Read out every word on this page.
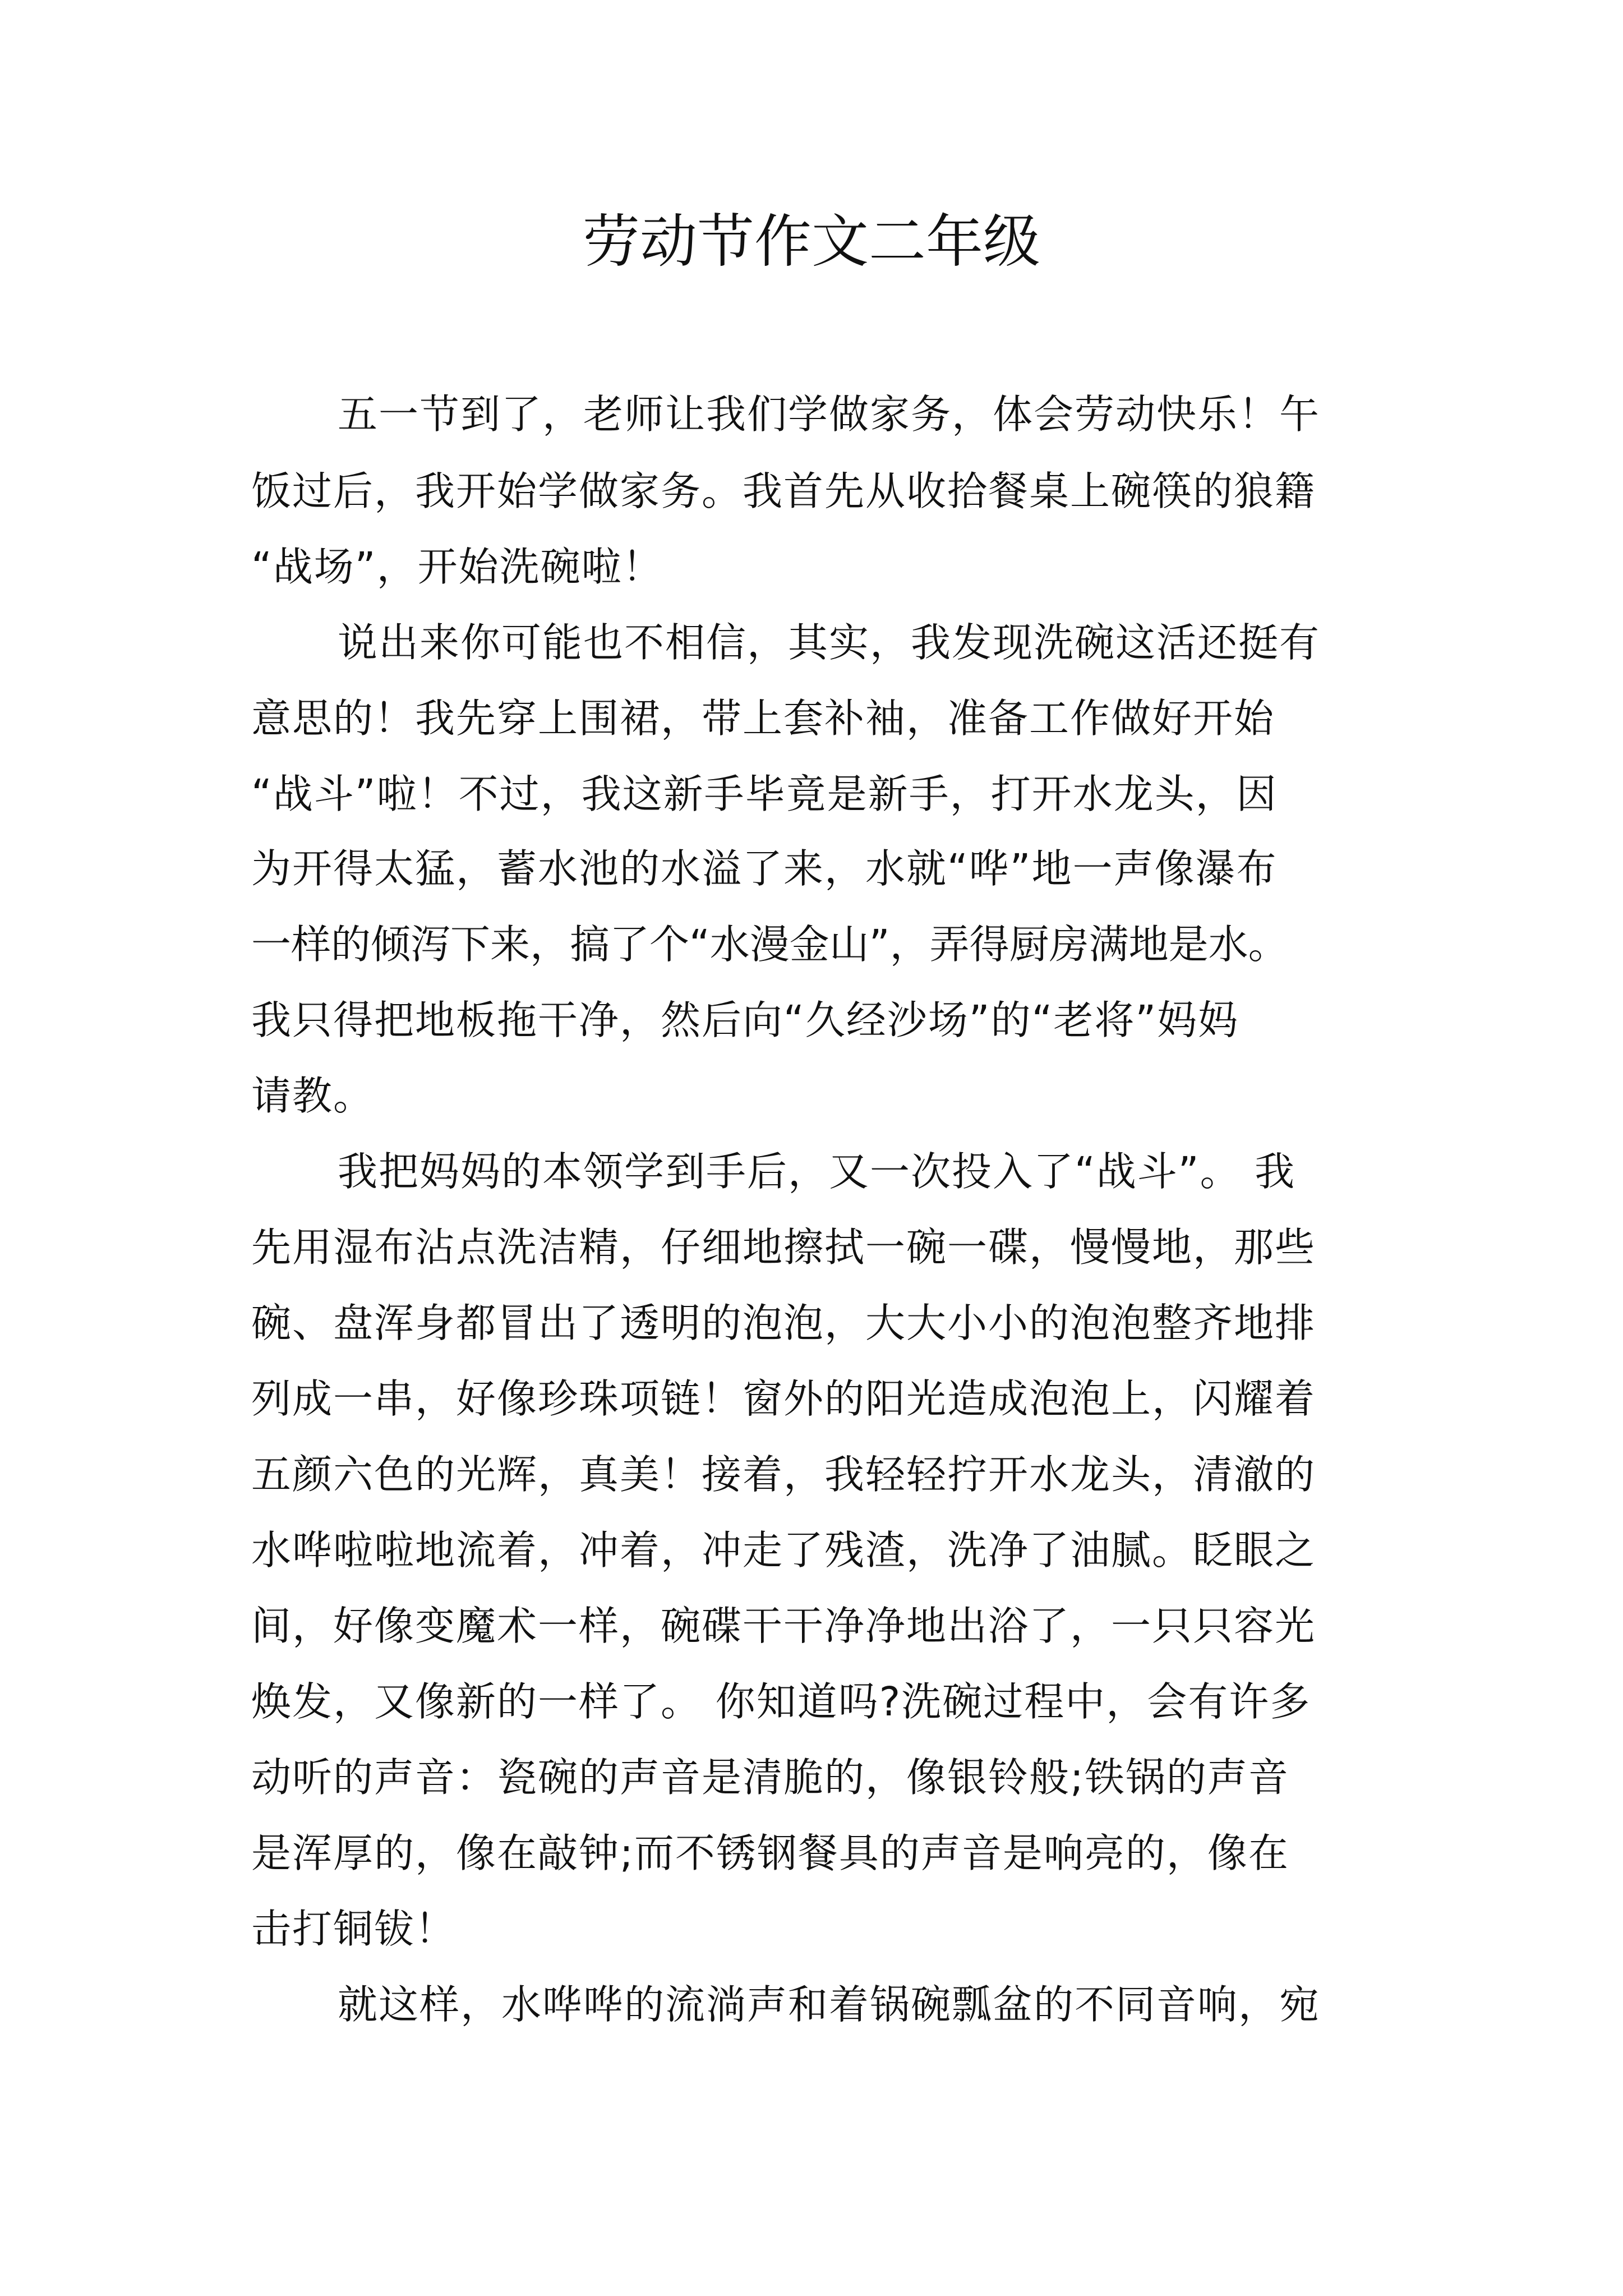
劳动节作文二年级
五一节到了，老师让我们学做家务，体会劳动快乐！午
饭过后，我开始学做家务。我首先从收拾餐桌上碗筷的狼籍
“战场”，开始洗碗啦！
说出来你可能也不相信，其实，我发现洗碗这活还挺有
意思的！我先穿上围裙，带上套补袖，准备工作做好开始
“战斗”啦！不过，我这新手毕竟是新手，打开水龙头，因
为开得太猛，蓄水池的水溢了来，水就“哗”地一声像瀑布
一样的倾泻下来，搞了个“水漫金山”，弄得厨房满地是水。
我只得把地板拖干净，然后向“久经沙场”的“老将”妈妈
请教。
我把妈妈的本领学到手后，又一次投入了“战斗”。 我
先用湿布沾点洗洁精，仔细地擦拭一碗一碟，慢慢地，那些
碗、盘浑身都冒出了透明的泡泡，大大小小的泡泡整齐地排
列成一串，好像珍珠项链！窗外的阳光造成泡泡上，闪耀着
五颜六色的光辉，真美！接着，我轻轻拧开水龙头，清澈的
水哗啦啦地流着，冲着，冲走了残渣，洗净了油腻。眨眼之
间，好像变魔术一样，碗碟干干净净地出浴了，一只只容光
焕发，又像新的一样了。 你知道吗?洗碗过程中，会有许多
动听的声音：瓷碗的声音是清脆的，像银铃般;铁锅的声音
是浑厚的，像在敲钟;而不锈钢餐具的声音是响亮的，像在
击打铜钹！
就这样，水哗哗的流淌声和着锅碗瓢盆的不同音响，宛
